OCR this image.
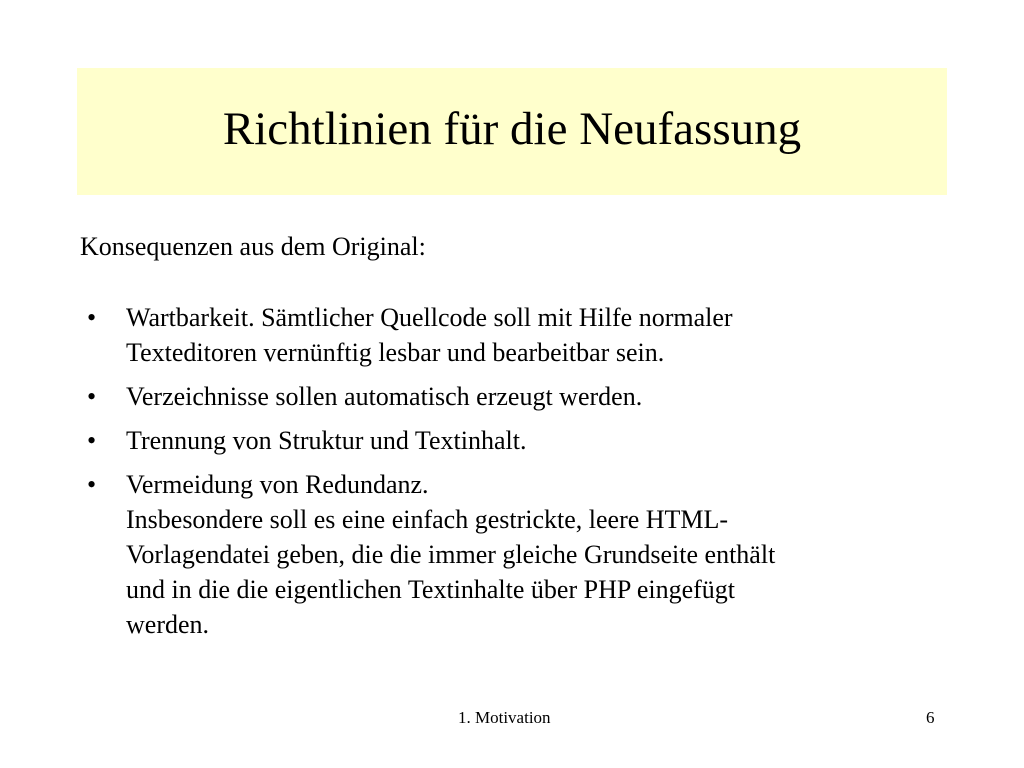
Richtlinien für die Neufassung
Konsequenzen aus dem Original:
• Wartbarkeit. Sämtlicher Quellcode soll mit Hilfe normaler
Texteditoren vernünftig lesbar und bearbeitbar sein.
• Verzeichnisse sollen automatisch erzeugt werden.
• Trennung von Struktur und Textinhalt.
• Vermeidung von Redundanz.
Insbesondere soll es eine einfach gestrickte, leere HTML-
Vorlagendatei geben, die die immer gleiche Grundseite enthält
und in die die eigentlichen Textinhalte über PHP eingefügt
werden.
1. Motivation	6
